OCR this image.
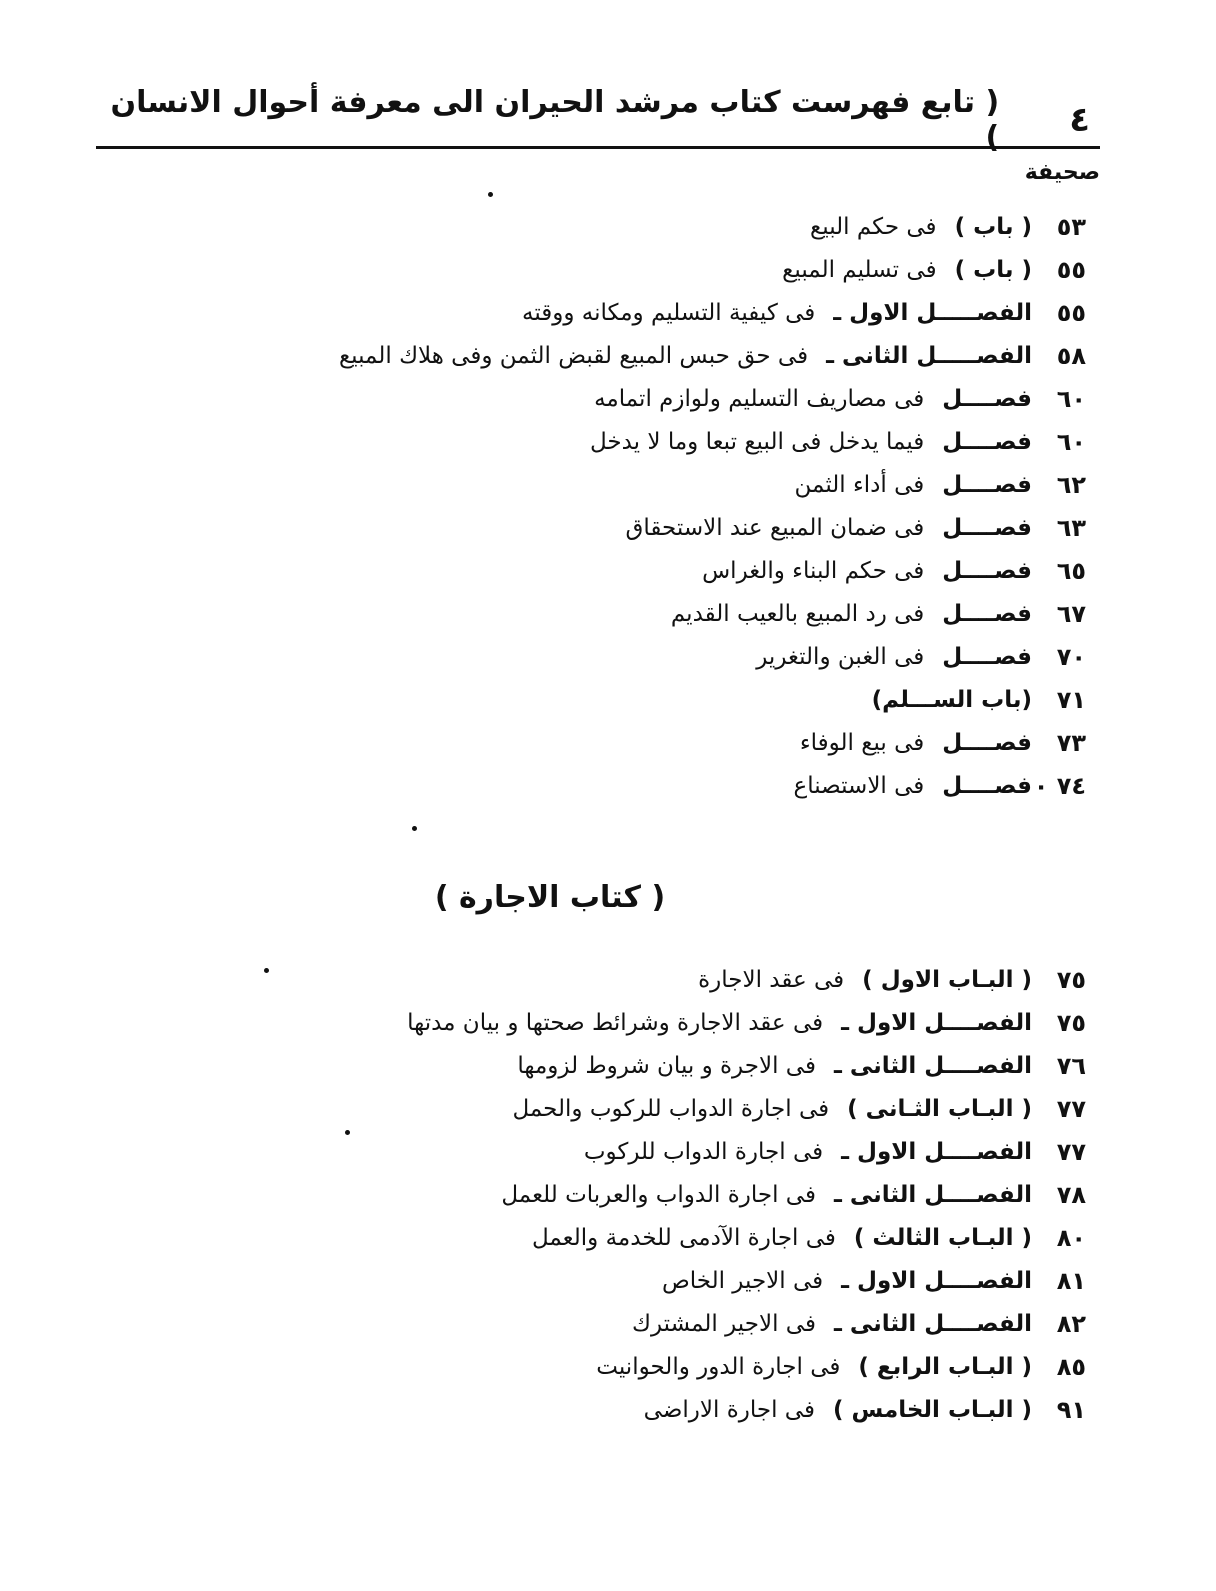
٤
( تابع فهرست كتاب مرشد الحيران الى معرفة أحوال الانسان )
صحيفة
٥٣
( باب )
فى حكم البيع
٥٥
( باب )
فى تسليم المبيع
٥٥
الفصـــــل الاول ـ
فى كيفية التسليم ومكانه ووقته
٥٨
الفصـــــل الثانى ـ
فى حق حبس المبيع لقبض الثمن وفى هلاك المبيع
٦٠
فصــــل
فى مصاريف التسليم ولوازم اتمامه
٦٠
فصــــل
فيما يدخل فى البيع تبعا وما لا يدخل
٦٢
فصــــل
فى أداء الثمن
٦٣
فصــــل
فى ضمان المبيع عند الاستحقاق
٦٥
فصــــل
فى حكم البناء والغراس
٦٧
فصــــل
فى رد المبيع بالعيب القديم
٧٠
فصــــل
فى الغبن والتغرير
٧١
(باب الســـلم)
٧٣
فصــــل
فى بيع الوفاء
٧٤ ٠
فصــــل
فى الاستصناع
( كتاب الاجارة )
٧٥
( البـاب الاول )
فى عقد الاجارة
٧٥
الفصــــل الاول ـ
فى عقد الاجارة وشرائط صحتها و بيان مدتها
٧٦
الفصــــل الثانى ـ
فى الاجرة و بيان شروط لزومها
٧٧
( البـاب الثـانى )
فى اجارة الدواب للركوب والحمل
٧٧
الفصــــل الاول ـ
فى اجارة الدواب للركوب
٧٨
الفصــــل الثانى ـ
فى اجارة الدواب والعربات للعمل
٨٠
( البـاب الثالث )
فى اجارة الآدمى للخدمة والعمل
٨١
الفصــــل الاول ـ
فى الاجير الخاص
٨٢
الفصــــل الثانى ـ
فى الاجير المشترك
٨٥
( البـاب الرابع )
فى اجارة الدور والحوانيت
٩١
( البـاب الخامس )
فى اجارة الاراضى
